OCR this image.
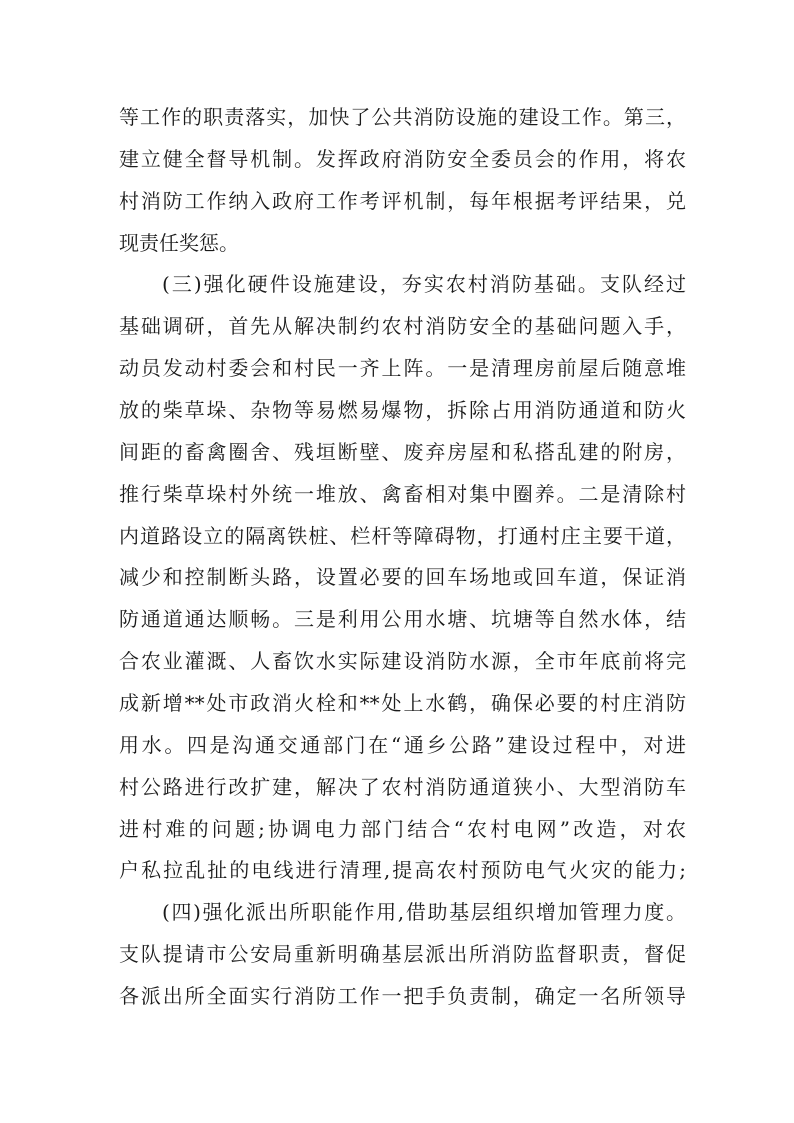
等工作的职责落实，加快了公共消防设施的建设工作。第三，
建立健全督导机制。发挥政府消防安全委员会的作用，将农
村消防工作纳入政府工作考评机制，每年根据考评结果，兑
现责任奖惩。
(三)强化硬件设施建设，夯实农村消防基础。支队经过
基础调研，首先从解决制约农村消防安全的基础问题入手，
动员发动村委会和村民一齐上阵。一是清理房前屋后随意堆
放的柴草垛、杂物等易燃易爆物，拆除占用消防通道和防火
间距的畜禽圈舍、残垣断壁、废弃房屋和私搭乱建的附房，
推行柴草垛村外统一堆放、禽畜相对集中圈养。二是清除村
内道路设立的隔离铁桩、栏杆等障碍物，打通村庄主要干道，
减少和控制断头路，设置必要的回车场地或回车道，保证消
防通道通达顺畅。三是利用公用水塘、坑塘等自然水体，结
合农业灌溉、人畜饮水实际建设消防水源，全市年底前将完
成新增**处市政消火栓和**处上水鹤，确保必要的村庄消防
用水。四是沟通交通部门在“通乡公路”建设过程中，对进
村公路进行改扩建，解决了农村消防通道狭小、大型消防车
进村难的问题;协调电力部门结合“农村电网”改造，对农
户私拉乱扯的电线进行清理,提高农村预防电气火灾的能力;
(四)强化派出所职能作用,借助基层组织增加管理力度。
支队提请市公安局重新明确基层派出所消防监督职责，督促
各派出所全面实行消防工作一把手负责制，确定一名所领导
